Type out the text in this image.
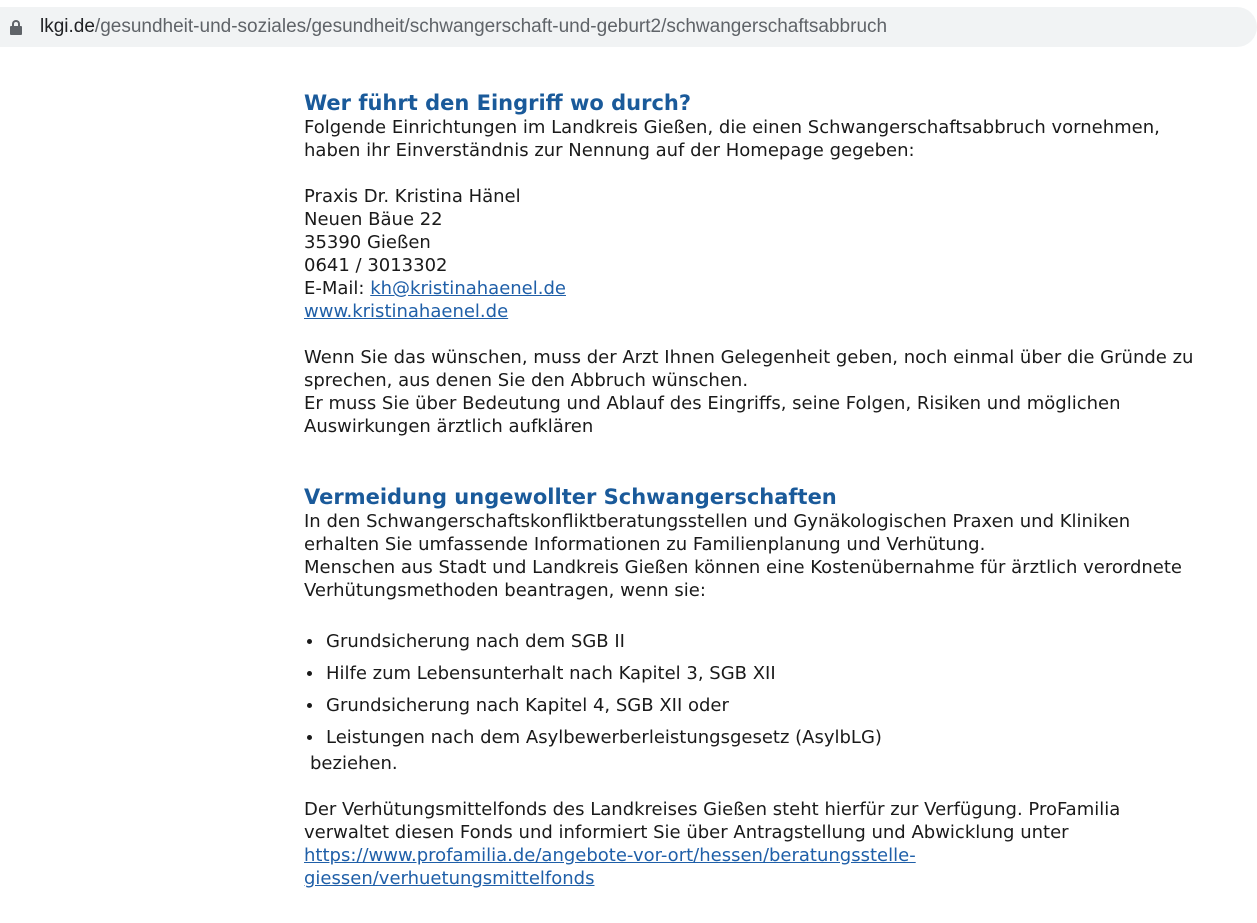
lkgi.de/gesundheit-und-soziales/gesundheit/schwangerschaft-und-geburt2/schwangerschaftsabbruch
Wer führt den Eingriff wo durch?

Folgende Einrichtungen im Landkreis Gießen, die einen Schwangerschaftsabbruch vornehmen,
haben ihr Einverständnis zur Nennung auf der Homepage gegeben:

Praxis Dr. Kristina Hänel
Neuen Bäue 22
35390 Gießen
0641 / 3013302
E-Mail: kh@kristinahaenel.de
www.kristinahaenel.de

Wenn Sie das wünschen, muss der Arzt Ihnen Gelegenheit geben, noch einmal über die Gründe zu
sprechen, aus denen Sie den Abbruch wünschen.
Er muss Sie über Bedeutung und Ablauf des Eingriffs, seine Folgen, Risiken und möglichen
Auswirkungen ärztlich aufklären

Vermeidung ungewollter Schwangerschaften

In den Schwangerschaftskonfliktberatungsstellen und Gynäkologischen Praxen und Kliniken
erhalten Sie umfassende Informationen zu Familienplanung und Verhütung.
Menschen aus Stadt und Landkreis Gießen können eine Kostenübernahme für ärztlich verordnete
Verhütungsmethoden beantragen, wenn sie:

Grundsicherung nach dem SGB II
Hilfe zum Lebensunterhalt nach Kapitel 3, SGB XII
Grundsicherung nach Kapitel 4, SGB XII oder
Leistungen nach dem Asylbewerberleistungsgesetz (AsylbLG)

beziehen.

Der Verhütungsmittelfonds des Landkreises Gießen steht hierfür zur Verfügung. ProFamilia
verwaltet diesen Fonds und informiert Sie über Antragstellung und Abwicklung unter
https://www.profamilia.de/angebote-vor-ort/hessen/beratungsstelle-
giessen/verhuetungsmittelfonds
